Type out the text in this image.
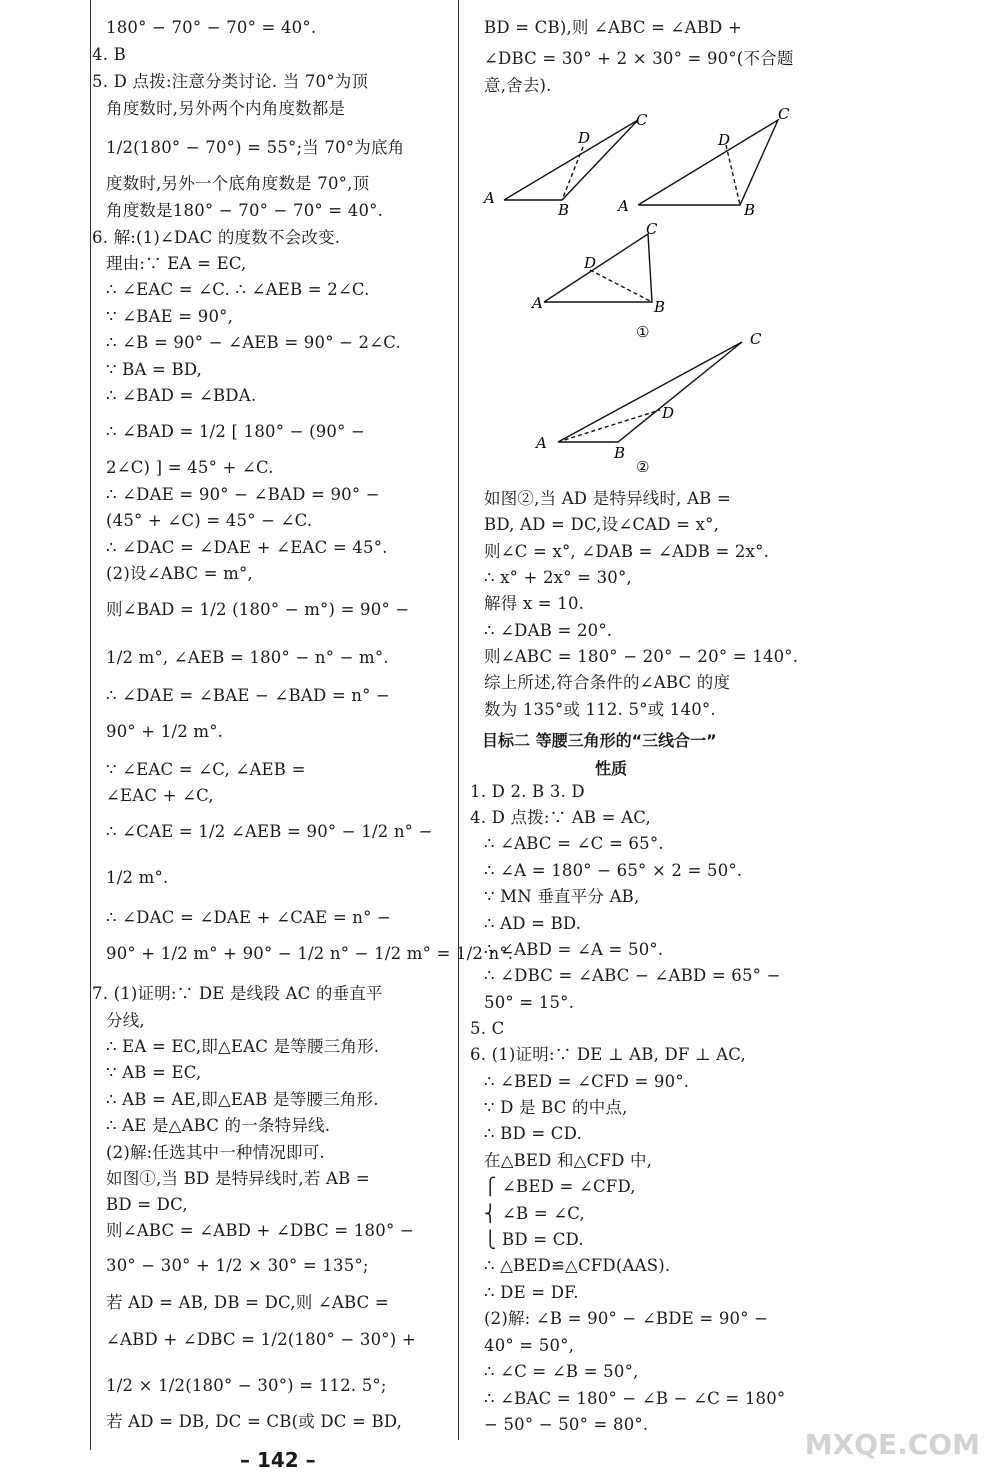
180° − 70° − 70° = 40°.
4. B
5. D 点拨:注意分类讨论. 当 70°为顶
角度数时,另外两个内角度数都是
1/2(180° − 70°) = 55°;当 70°为底角
度数时,另外一个底角度数是 70°,顶
角度数是180° − 70° − 70° = 40°.
6. 解:(1)∠DAC 的度数不会改变.
理由:∵ EA = EC,
∴ ∠EAC = ∠C. ∴ ∠AEB = 2∠C.
∵ ∠BAE = 90°,
∴ ∠B = 90° − ∠AEB = 90° − 2∠C.
∵ BA = BD,
∴ ∠BAD = ∠BDA.
∴ ∠BAD = 1/2 [ 180° − (90° −
2∠C) ] = 45° + ∠C.
∴ ∠DAE = 90° − ∠BAD = 90° −
(45° + ∠C) = 45° − ∠C.
∴ ∠DAC = ∠DAE + ∠EAC = 45°.
(2)设∠ABC = m°,
则∠BAD = 1/2 (180° − m°) = 90° −
1/2 m°, ∠AEB = 180° − n° − m°.
∴ ∠DAE = ∠BAE − ∠BAD = n° −
90° + 1/2 m°.
∵ ∠EAC = ∠C, ∠AEB =
∠EAC + ∠C,
∴ ∠CAE = 1/2 ∠AEB = 90° − 1/2 n° −
1/2 m°.
∴ ∠DAC = ∠DAE + ∠CAE = n° −
90° + 1/2 m° + 90° − 1/2 n° − 1/2 m° = 1/2 n°.
7. (1)证明:∵ DE 是线段 AC 的垂直平
分线,
∴ EA = EC,即△EAC 是等腰三角形.
∵ AB = EC,
∴ AB = AE,即△EAB 是等腰三角形.
∴ AE 是△ABC 的一条特异线.
(2)解:任选其中一种情况即可.
如图①,当 BD 是特异线时,若 AB =
BD = DC,
则∠ABC = ∠ABD + ∠DBC = 180° −
30° − 30° + 1/2 × 30° = 135°;
若 AD = AB, DB = DC,则 ∠ABC =
∠ABD + ∠DBC = 1/2(180° − 30°) +
1/2 × 1/2(180° − 30°) = 112. 5°;
若 AD = DB, DC = CB(或 DC = BD,
BD = CB),则 ∠ABC = ∠ABD +
∠DBC = 30° + 2 × 30° = 90°(不合题
意,舍去).
如图②,当 AD 是特异线时, AB =
BD, AD = DC,设∠CAD = x°,
则∠C = x°, ∠DAB = ∠ADB = 2x°.
∴ x° + 2x° = 30°,
解得 x = 10.
∴ ∠DAB = 20°.
则∠ABC = 180° − 20° − 20° = 140°.
综上所述,符合条件的∠ABC 的度
数为 135°或 112. 5°或 140°.
1. D 2. B 3. D
4. D 点拨:∵ AB = AC,
∴ ∠ABC = ∠C = 65°.
∴ ∠A = 180° − 65° × 2 = 50°.
∵ MN 垂直平分 AB,
∴ AD = BD.
∴ ∠ABD = ∠A = 50°.
∴ ∠DBC = ∠ABC − ∠ABD = 65° −
50° = 15°.
5. C
6. (1)证明:∵ DE ⊥ AB, DF ⊥ AC,
∴ ∠BED = ∠CFD = 90°.
∵ D 是 BC 的中点,
∴ BD = CD.
在△BED 和△CFD 中,
⎧ ∠BED = ∠CFD,
⎨ ∠B = ∠C,
⎩ BD = CD.
∴ △BED≌△CFD(AAS).
∴ DE = DF.
(2)解: ∠B = 90° − ∠BDE = 90° −
40° = 50°,
∴ ∠C = ∠B = 50°,
∴ ∠BAC = 180° − ∠B − ∠C = 180°
− 50° − 50° = 80°.
A
B
C
D
A	B
C
D
A	B
C
D
①
A
B
C
D
②
目标二 等腰三角形的“三线合一”
性质
– 142 –	MXQE.COM
